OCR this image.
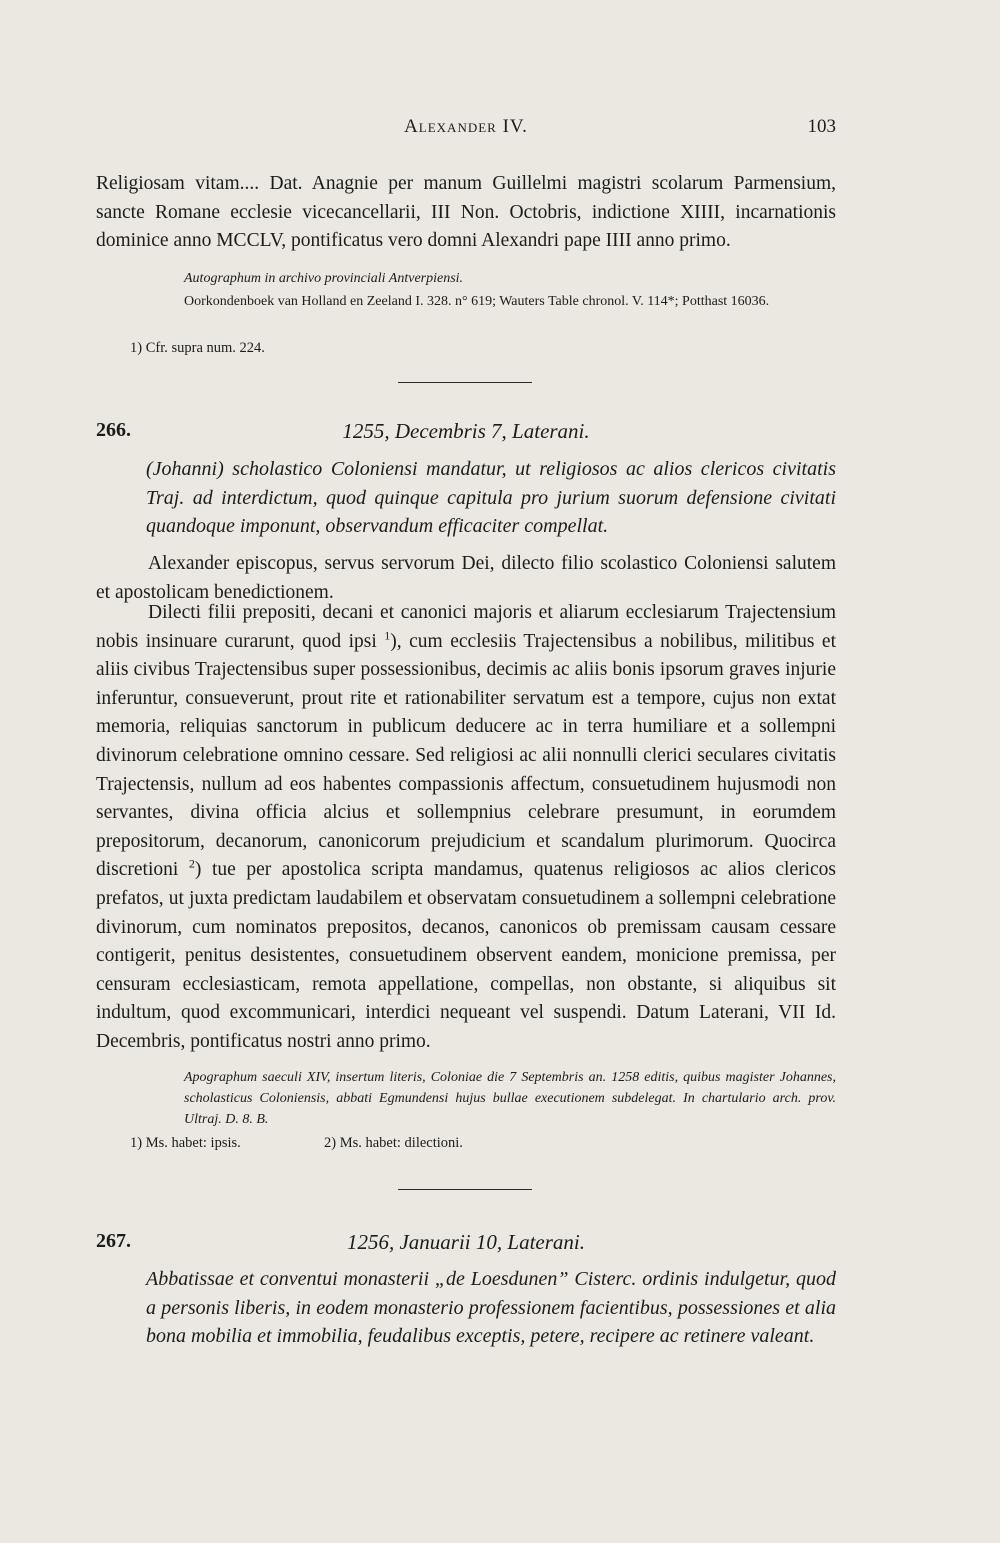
Alexander IV.	103

Religiosam vitam.... Dat. Anagnie per manum Guillelmi magistri scolarum Parmensium, sancte Romane ecclesie vicecancellarii, III Non. Octobris, indictione XIIII, incarnationis dominice anno MCCLV, pontificatus vero domni Alexandri pape IIII anno primo.

Autographum in archivo provinciali Antverpiensi.

Oorkondenboek van Holland en Zeeland I. 328. n° 619; Wauters Table chronol. V. 114*; Potthast 16036.

1) Cfr. supra num. 224.
266.	1255, Decembris 7, Laterani.

(Johanni) scholastico Coloniensi mandatur, ut religiosos ac alios clericos civitatis Traj. ad interdictum, quod quinque capitula pro jurium suorum defensione civitati quandoque imponunt, observandum efficaciter compellat.

Alexander episcopus, servus servorum Dei, dilecto filio scolastico Coloniensi salutem et apostolicam benedictionem.

Dilecti filii prepositi, decani et canonici majoris et aliarum ecclesiarum Trajectensium nobis insinuare curarunt, quod ipsi $^1$), cum ecclesiis Trajectensibus a nobilibus, militibus et aliis civibus Trajectensibus super possessionibus, decimis ac aliis bonis ipsorum graves injurie inferuntur, consueverunt, prout rite et rationabiliter servatum est a tempore, cujus non extat memoria, reliquias sanctorum in publicum deducere ac in terra humiliare et a sollempni divinorum celebratione omnino cessare. Sed religiosi ac alii nonnulli clerici seculares civitatis Trajectensis, nullum ad eos habentes compassionis affectum, consuetudinem hujusmodi non servantes, divina officia alcius et sollempnius celebrare presumunt, in eorumdem prepositorum, decanorum, canonicorum prejudicium et scandalum plurimorum. Quocirca discretioni $^2$) tue per apostolica scripta mandamus, quatenus religiosos ac alios clericos prefatos, ut juxta predictam laudabilem et observatam consuetudinem a sollempni celebratione divinorum, cum nominatos prepositos, decanos, canonicos ob premissam causam cessare contigerit, penitus desistentes, consuetudinem observent eandem, monicione premissa, per censuram ecclesiasticam, remota appellatione, compellas, non obstante, si aliquibus sit indultum, quod excommunicari, interdici nequeant vel suspendi. Datum Laterani, VII Id. Decembris, pontificatus nostri anno primo.

Apographum saeculi XIV, insertum literis, Coloniae die 7 Septembris an. 1258 editis, quibus magister Johannes, scholasticus Coloniensis, abbati Egmundensi hujus bullae executionem subdelegat. In chartulario arch. prov. Ultraj. D. 8. B.

1) Ms. habet: ipsis.	2) Ms. habet: dilectioni.
267.	1256, Januarii 10, Laterani.

Abbatissae et conventui monasterii „de Loesdunen” Cisterc. ordinis indulgetur, quod a personis liberis, in eodem monasterio professionem facientibus, possessiones et alia bona mobilia et immobilia, feudalibus exceptis, petere, recipere ac retinere valeant.
